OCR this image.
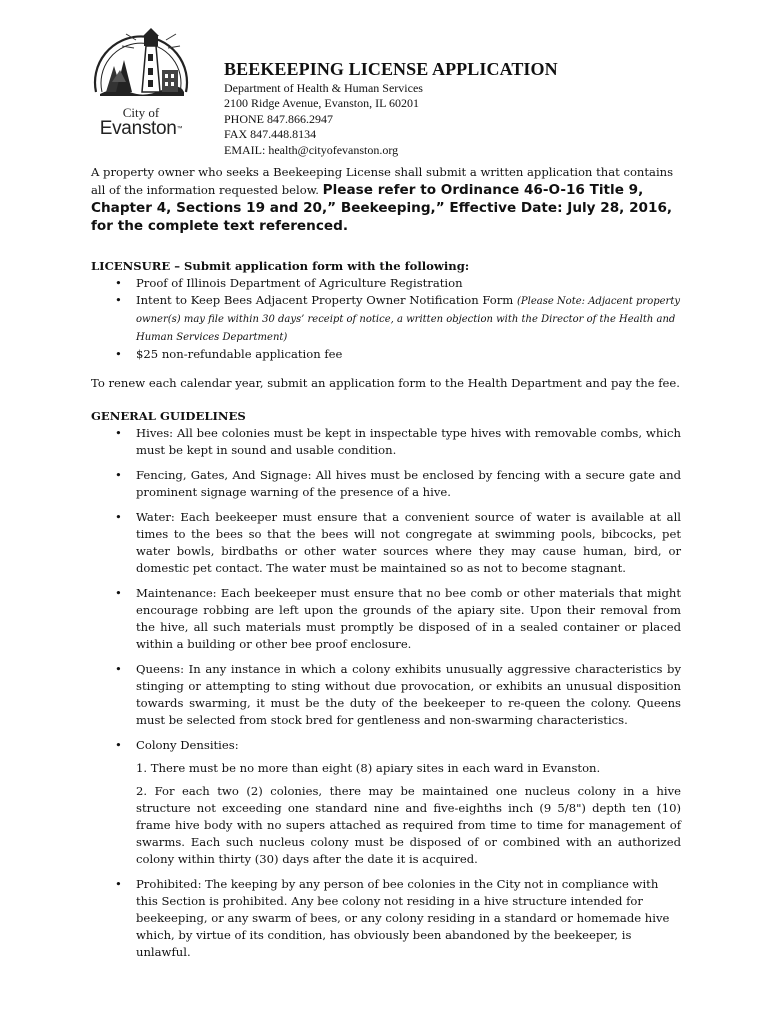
City of
Evanston™
BEEKEEPING LICENSE APPLICATION
Department of Health & Human Services
2100 Ridge Avenue, Evanston, IL 60201
PHONE 847.866.2947
FAX 847.448.8134
EMAIL: health@cityofevanston.org
A property owner who seeks a Beekeeping License shall submit a written application that contains all of the information requested below. Please refer to Ordinance 46-O-16 Title 9, Chapter 4, Sections 19 and 20,” Beekeeping,” Effective Date: July 28, 2016, for the complete text referenced.
LICENSURE – Submit application form with the following:
• Proof of Illinois Department of Agriculture Registration
• Intent to Keep Bees Adjacent Property Owner Notification Form (Please Note: Adjacent property owner(s) may file within 30 days’ receipt of notice, a written objection with the Director of the Health and Human Services Department)
• $25 non-refundable application fee
To renew each calendar year, submit an application form to the Health Department and pay the fee.
GENERAL GUIDELINES
• Hives: All bee colonies must be kept in inspectable type hives with removable combs, which must be kept in sound and usable condition.
• Fencing, Gates, And Signage: All hives must be enclosed by fencing with a secure gate and prominent signage warning of the presence of a hive.
• Water: Each beekeeper must ensure that a convenient source of water is available at all times to the bees so that the bees will not congregate at swimming pools, bibcocks, pet water bowls, birdbaths or other water sources where they may cause human, bird, or domestic pet contact. The water must be maintained so as not to become stagnant.
• Maintenance: Each beekeeper must ensure that no bee comb or other materials that might encourage robbing are left upon the grounds of the apiary site. Upon their removal from the hive, all such materials must promptly be disposed of in a sealed container or placed within a building or other bee proof enclosure.
• Queens: In any instance in which a colony exhibits unusually aggressive characteristics by stinging or attempting to sting without due provocation, or exhibits an unusual disposition towards swarming, it must be the duty of the beekeeper to re-queen the colony. Queens must be selected from stock bred for gentleness and non-swarming characteristics.
• Colony Densities:
1. There must be no more than eight (8) apiary sites in each ward in Evanston.
2. For each two (2) colonies, there may be maintained one nucleus colony in a hive structure not exceeding one standard nine and five-eighths inch (9 5/8") depth ten (10) frame hive body with no supers attached as required from time to time for management of swarms. Each such nucleus colony must be disposed of or combined with an authorized colony within thirty (30) days after the date it is acquired.
• Prohibited: The keeping by any person of bee colonies in the City not in compliance with this Section is prohibited. Any bee colony not residing in a hive structure intended for beekeeping, or any swarm of bees, or any colony residing in a standard or homemade hive which, by virtue of its condition, has obviously been abandoned by the beekeeper, is unlawful.
